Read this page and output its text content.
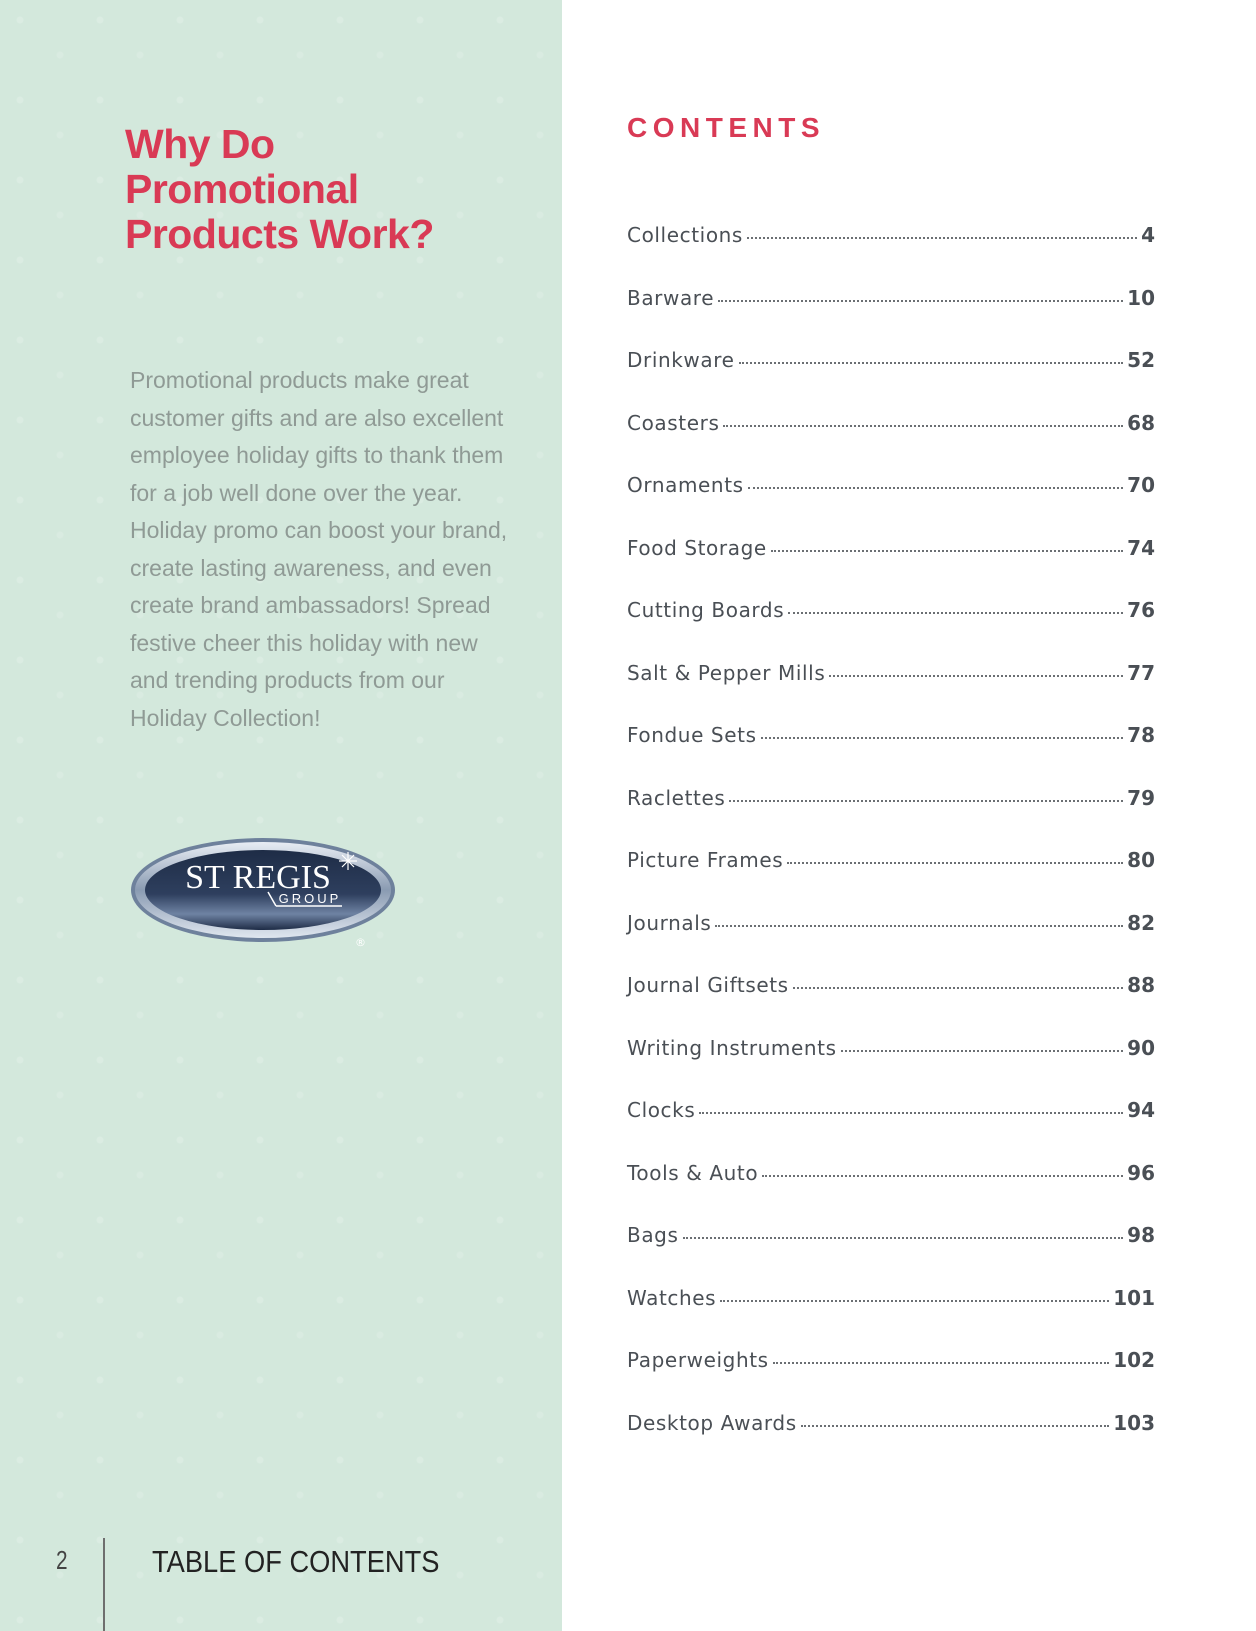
Why Do Promotional Products Work?

Promotional products make great customer gifts and are also excellent employee holiday gifts to thank them for a job well done over the year. Holiday promo can boost your brand, create lasting awareness, and even create brand ambassadors! Spread festive cheer this holiday with new and trending products from our Holiday Collection!

ST REGIS
GROUP
®
2	TABLE OF CONTENTS
CONTENTS
Collections	4
Barware	10
Drinkware	52
Coasters	68
Ornaments	70
Food Storage	74
Cutting Boards	76
Salt & Pepper Mills	77
Fondue Sets	78
Raclettes	79
Picture Frames	80
Journals	82
Journal Giftsets	88
Writing Instruments	90
Clocks	94
Tools & Auto	96
Bags	98
Watches	101
Paperweights	102
Desktop Awards	103
